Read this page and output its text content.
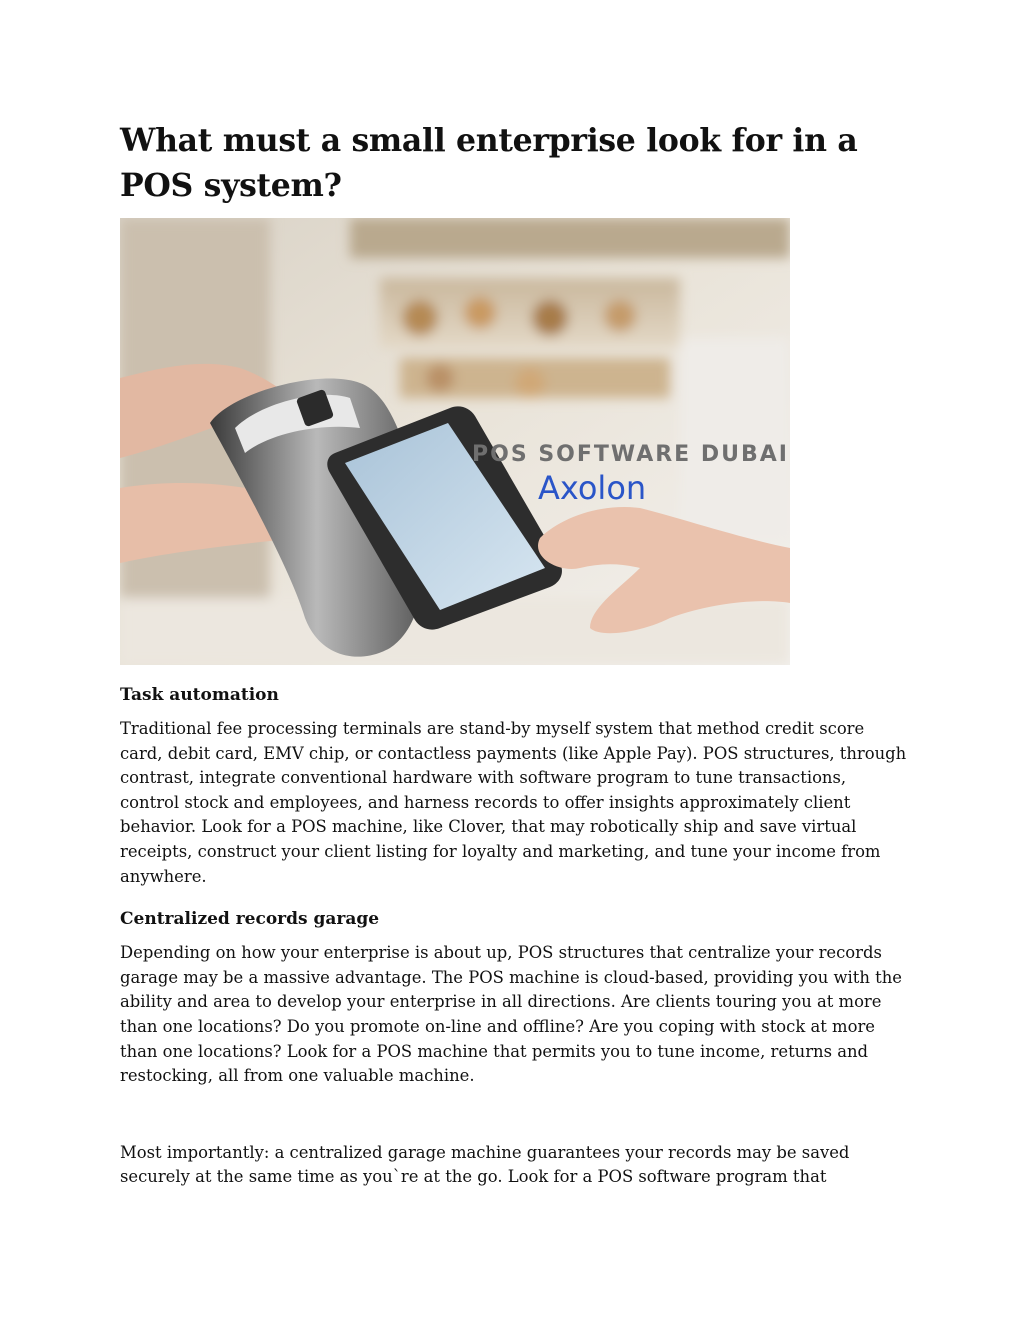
What must a small enterprise look for in a POS system?
POS SOFTWARE DUBAI
Axolon
Task automation

Traditional fee processing terminals are stand-by myself system that method credit score card, debit card, EMV chip, or contactless payments (like Apple Pay). POS structures, through contrast, integrate conventional hardware with software program to tune transactions, control stock and employees, and harness records to offer insights approximately client behavior. Look for a POS machine, like Clover, that may robotically ship and save virtual receipts, construct your client listing for loyalty and marketing, and tune your income from anywhere.

Centralized records garage

Depending on how your enterprise is about up, POS structures that centralize your records garage may be a massive advantage. The POS machine is cloud-based, providing you with the ability and area to develop your enterprise in all directions. Are clients touring you at more than one locations? Do you promote on-line and offline? Are you coping with stock at more than one locations? Look for a POS machine that permits you to tune income, returns and restocking, all from one valuable machine.

Most importantly: a centralized garage machine guarantees your records may be saved securely at the same time as you`re at the go. Look for a POS software program that
